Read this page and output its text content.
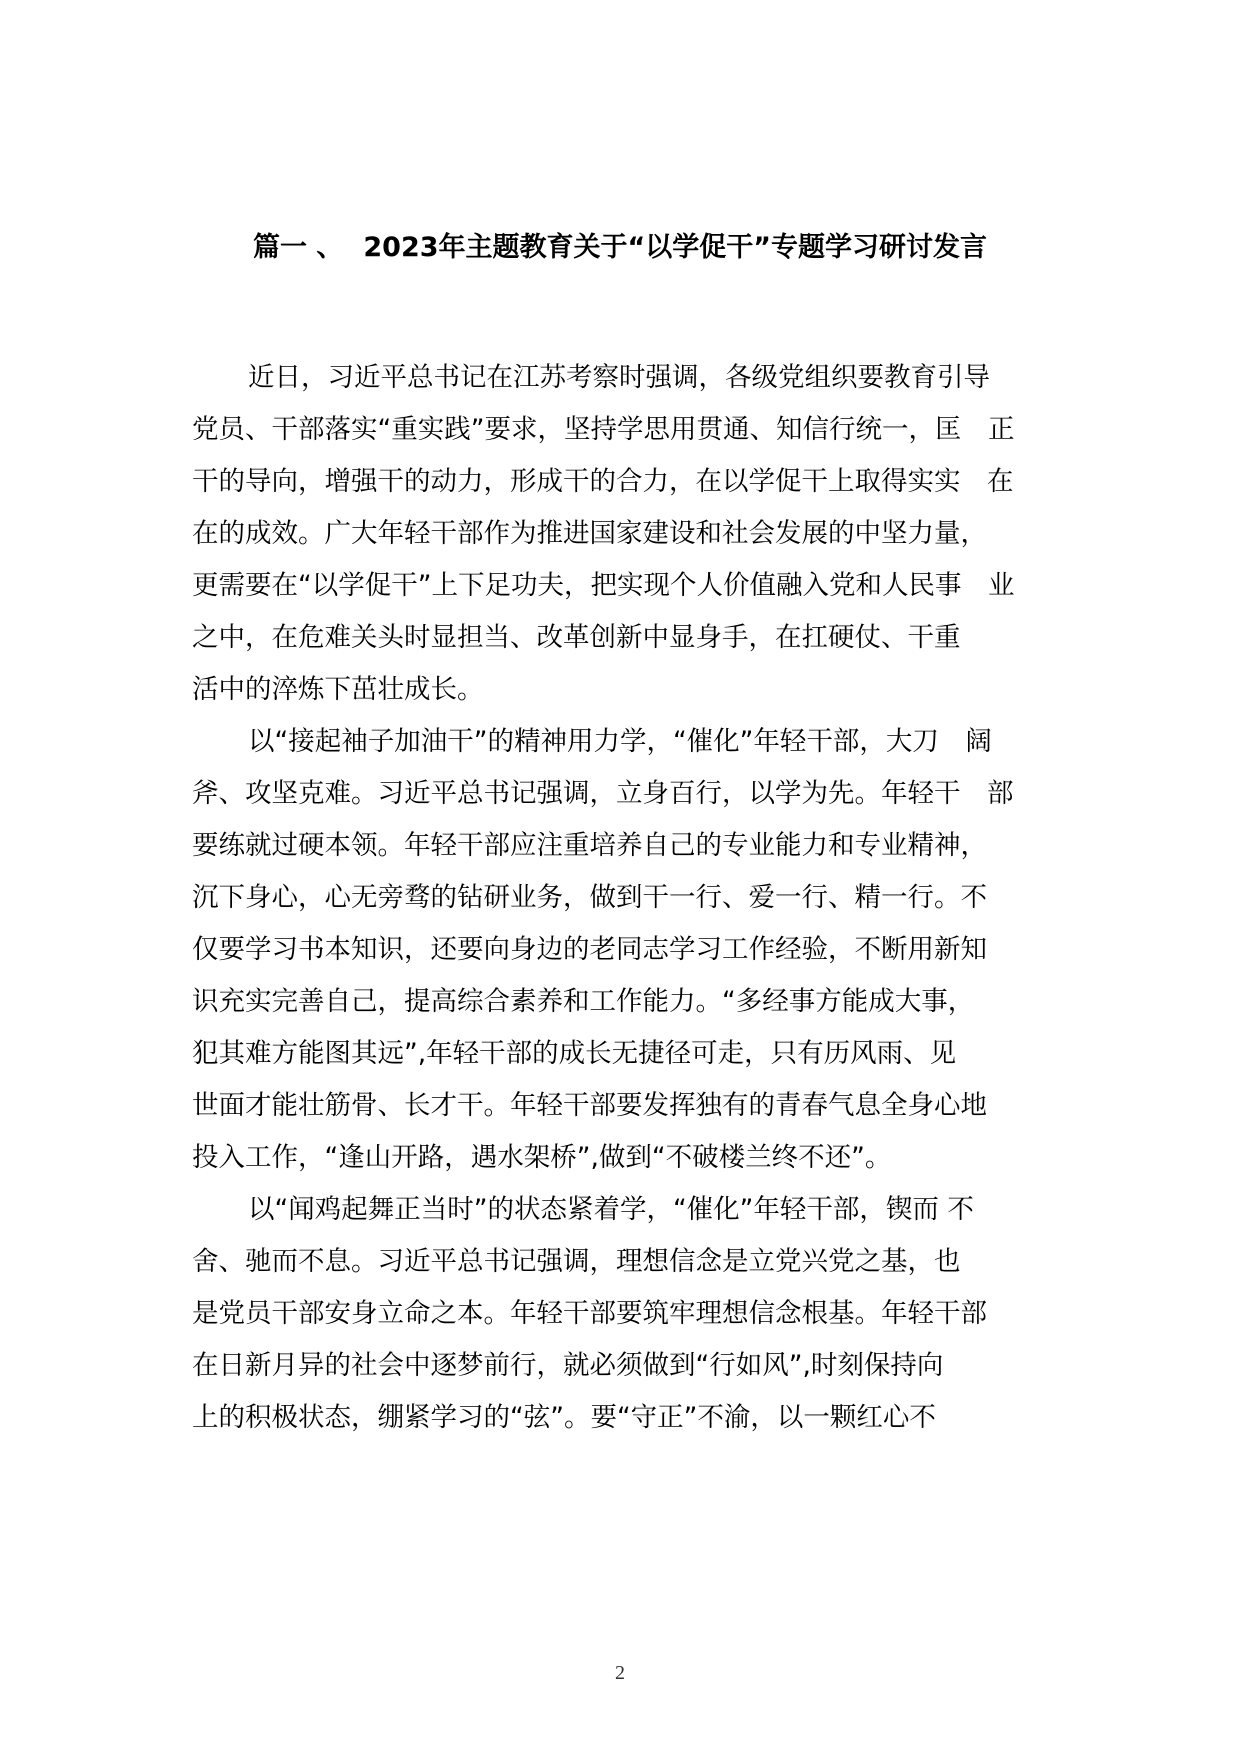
篇一 、 2023年主题教育关于“以学促干”专题学习研讨发言
近日，习近平总书记在江苏考察时强调，各级党组织要教育引导
党员、干部落实“重实践”要求，坚持学思用贯通、知信行统一，匡　正
干的导向，增强干的动力，形成干的合力，在以学促干上取得实实　在
在的成效。广大年轻干部作为推进国家建设和社会发展的中坚力量，
更需要在“以学促干”上下足功夫，把实现个人价值融入党和人民事　业
之中，在危难关头时显担当、改革创新中显身手，在扛硬仗、干重
活中的淬炼下茁壮成长。
以“接起袖子加油干”的精神用力学，“催化”年轻干部，大刀　阔
斧、攻坚克难。习近平总书记强调，立身百行，以学为先。年轻干　部
要练就过硬本领。年轻干部应注重培养自己的专业能力和专业精神，
沉下身心，心无旁骛的钻研业务，做到干一行、爱一行、精一行。不
仅要学习书本知识，还要向身边的老同志学习工作经验，不断用新知
识充实完善自己，提高综合素养和工作能力。“多经事方能成大事，
犯其难方能图其远”,年轻干部的成长无捷径可走，只有历风雨、见
世面才能壮筋骨、长才干。年轻干部要发挥独有的青春气息全身心地
投入工作，“逢山开路，遇水架桥”,做到“不破楼兰终不还”。
以“闻鸡起舞正当时”的状态紧着学，“催化”年轻干部，锲而 不
舍、驰而不息。习近平总书记强调，理想信念是立党兴党之基，也
是党员干部安身立命之本。年轻干部要筑牢理想信念根基。年轻干部
在日新月异的社会中逐梦前行，就必须做到“行如风”,时刻保持向
上的积极状态，绷紧学习的“弦”。要“守正”不渝，以一颗红心不
2
